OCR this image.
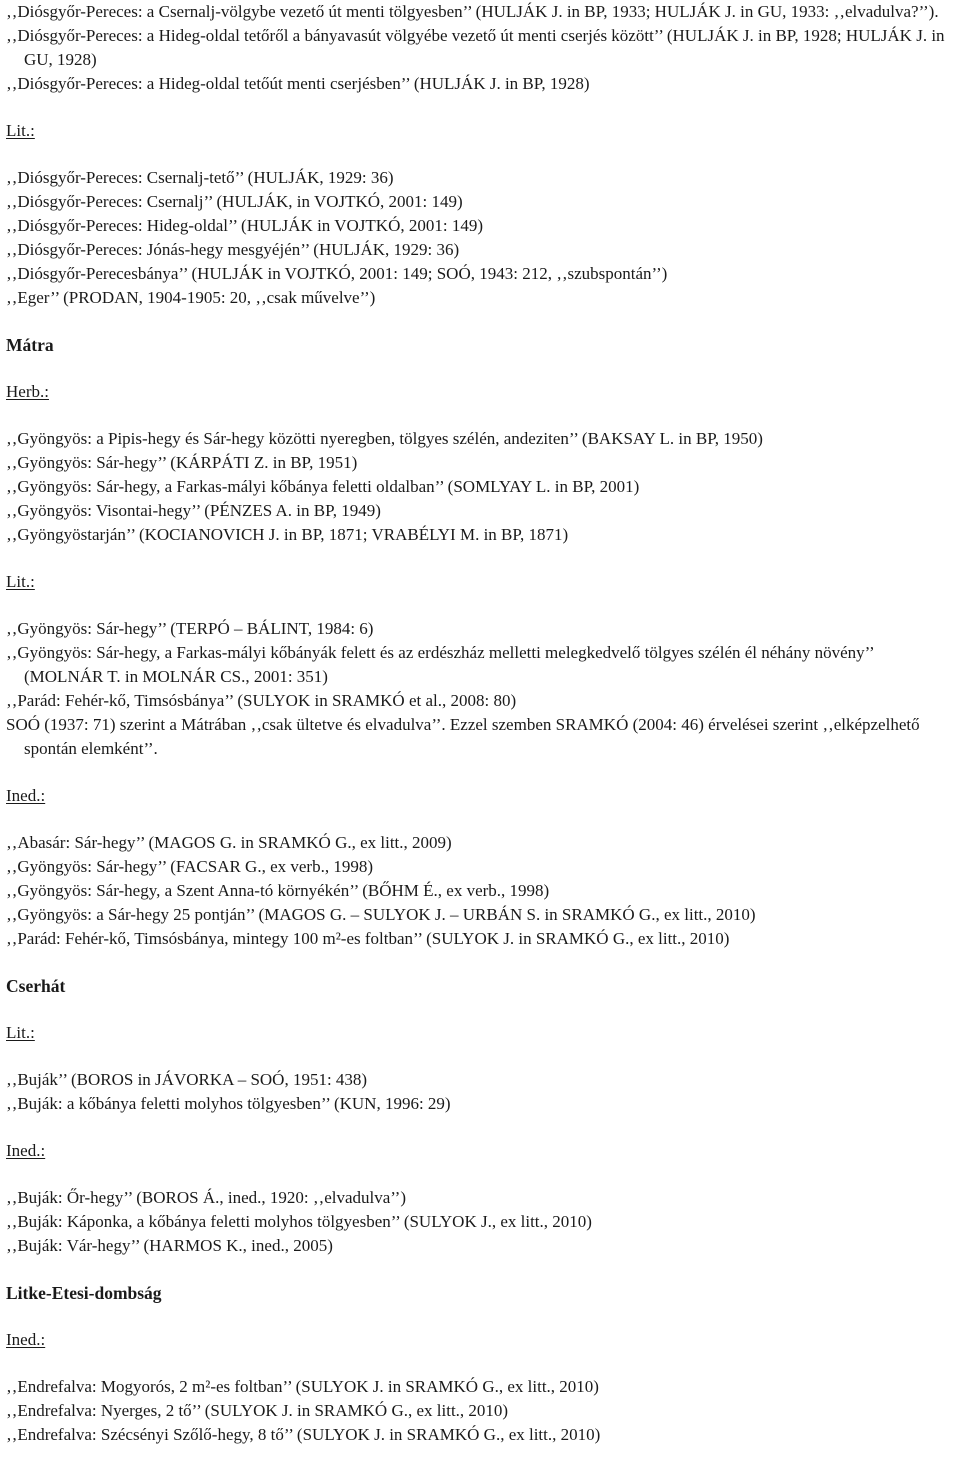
‚‚Diósgyőr-Pereces: a Csernalj-völgybe vezető út menti tölgyesben’’ (HULJÁK J. in BP, 1933; HULJÁK J. in GU, 1933: ‚‚elvadulva?’’).

‚‚Diósgyőr-Pereces: a Hideg-oldal tetőről a bányavasút völgyébe vezető út menti cserjés között’’ (HULJÁK J. in BP, 1928; HULJÁK J. in GU, 1928)

‚‚Diósgyőr-Pereces: a Hideg-oldal tetőút menti cserjésben’’ (HULJÁK J. in BP, 1928)

Lit.:

‚‚Diósgyőr-Pereces: Csernalj-tető’’ (HULJÁK, 1929: 36)

‚‚Diósgyőr-Pereces: Csernalj’’ (HULJÁK, in VOJTKÓ, 2001: 149)

‚‚Diósgyőr-Pereces: Hideg-oldal’’ (HULJÁK in VOJTKÓ, 2001: 149)

‚‚Diósgyőr-Pereces: Jónás-hegy mesgyéjén’’ (HULJÁK, 1929: 36)

‚‚Diósgyőr-Perecesbánya’’ (HULJÁK in VOJTKÓ, 2001: 149; SOÓ, 1943: 212, ‚‚szubspontán’’)

‚‚Eger’’ (PRODAN, 1904-1905: 20, ‚‚csak művelve’’)

Mátra

Herb.:

‚‚Gyöngyös: a Pipis-hegy és Sár-hegy közötti nyeregben, tölgyes szélén, andeziten’’ (BAKSAY L. in BP, 1950)

‚‚Gyöngyös: Sár-hegy’’ (KÁRPÁTI Z. in BP, 1951)

‚‚Gyöngyös: Sár-hegy, a Farkas-mályi kőbánya feletti oldalban’’ (SOMLYAY L. in BP, 2001)

‚‚Gyöngyös: Visontai-hegy’’ (PÉNZES A. in BP, 1949)

‚‚Gyöngyöstarján’’ (KOCIANOVICH J. in BP, 1871; VRABÉLYI M. in BP, 1871)

Lit.:

‚‚Gyöngyös: Sár-hegy’’ (TERPÓ – BÁLINT, 1984: 6)

‚‚Gyöngyös: Sár-hegy, a Farkas-mályi kőbányák felett és az erdészház melletti melegkedvelő tölgyes szélén él néhány növény’’ (MOLNÁR T. in MOLNÁR CS., 2001: 351)

‚‚Parád: Fehér-kő, Timsósbánya’’ (SULYOK in SRAMKÓ et al., 2008: 80)

SOÓ (1937: 71) szerint a Mátrában ‚‚csak ültetve és elvadulva’’. Ezzel szemben SRAMKÓ (2004: 46) érvelései szerint ‚‚elképzelhető spontán elemként’’.

Ined.:

‚‚Abasár: Sár-hegy’’ (MAGOS G. in SRAMKÓ G., ex litt., 2009)

‚‚Gyöngyös: Sár-hegy’’ (FACSAR G., ex verb., 1998)

‚‚Gyöngyös: Sár-hegy, a Szent Anna-tó környékén’’ (BŐHM É., ex verb., 1998)

‚‚Gyöngyös: a Sár-hegy 25 pontján’’ (MAGOS G. – SULYOK J. – URBÁN S. in SRAMKÓ G., ex litt., 2010)

‚‚Parád: Fehér-kő, Timsósbánya, mintegy 100 m²-es foltban’’ (SULYOK J. in SRAMKÓ G., ex litt., 2010)

Cserhát

Lit.:

‚‚Buják’’ (BOROS in JÁVORKA – SOÓ, 1951: 438)

‚‚Buják: a kőbánya feletti molyhos tölgyesben’’ (KUN, 1996: 29)

Ined.:

‚‚Buják: Őr-hegy’’ (BOROS Á., ined., 1920: ‚‚elvadulva’’)

‚‚Buják: Káponka, a kőbánya feletti molyhos tölgyesben’’ (SULYOK J., ex litt., 2010)

‚‚Buják: Vár-hegy’’ (HARMOS K., ined., 2005)

Litke-Etesi-dombság

Ined.:

‚‚Endrefalva: Mogyorós, 2 m²-es foltban’’ (SULYOK J. in SRAMKÓ G., ex litt., 2010)

‚‚Endrefalva: Nyerges, 2 tő’’ (SULYOK J. in SRAMKÓ G., ex litt., 2010)

‚‚Endrefalva: Szécsényi Szőlő-hegy, 8 tő’’ (SULYOK J. in SRAMKÓ G., ex litt., 2010)
